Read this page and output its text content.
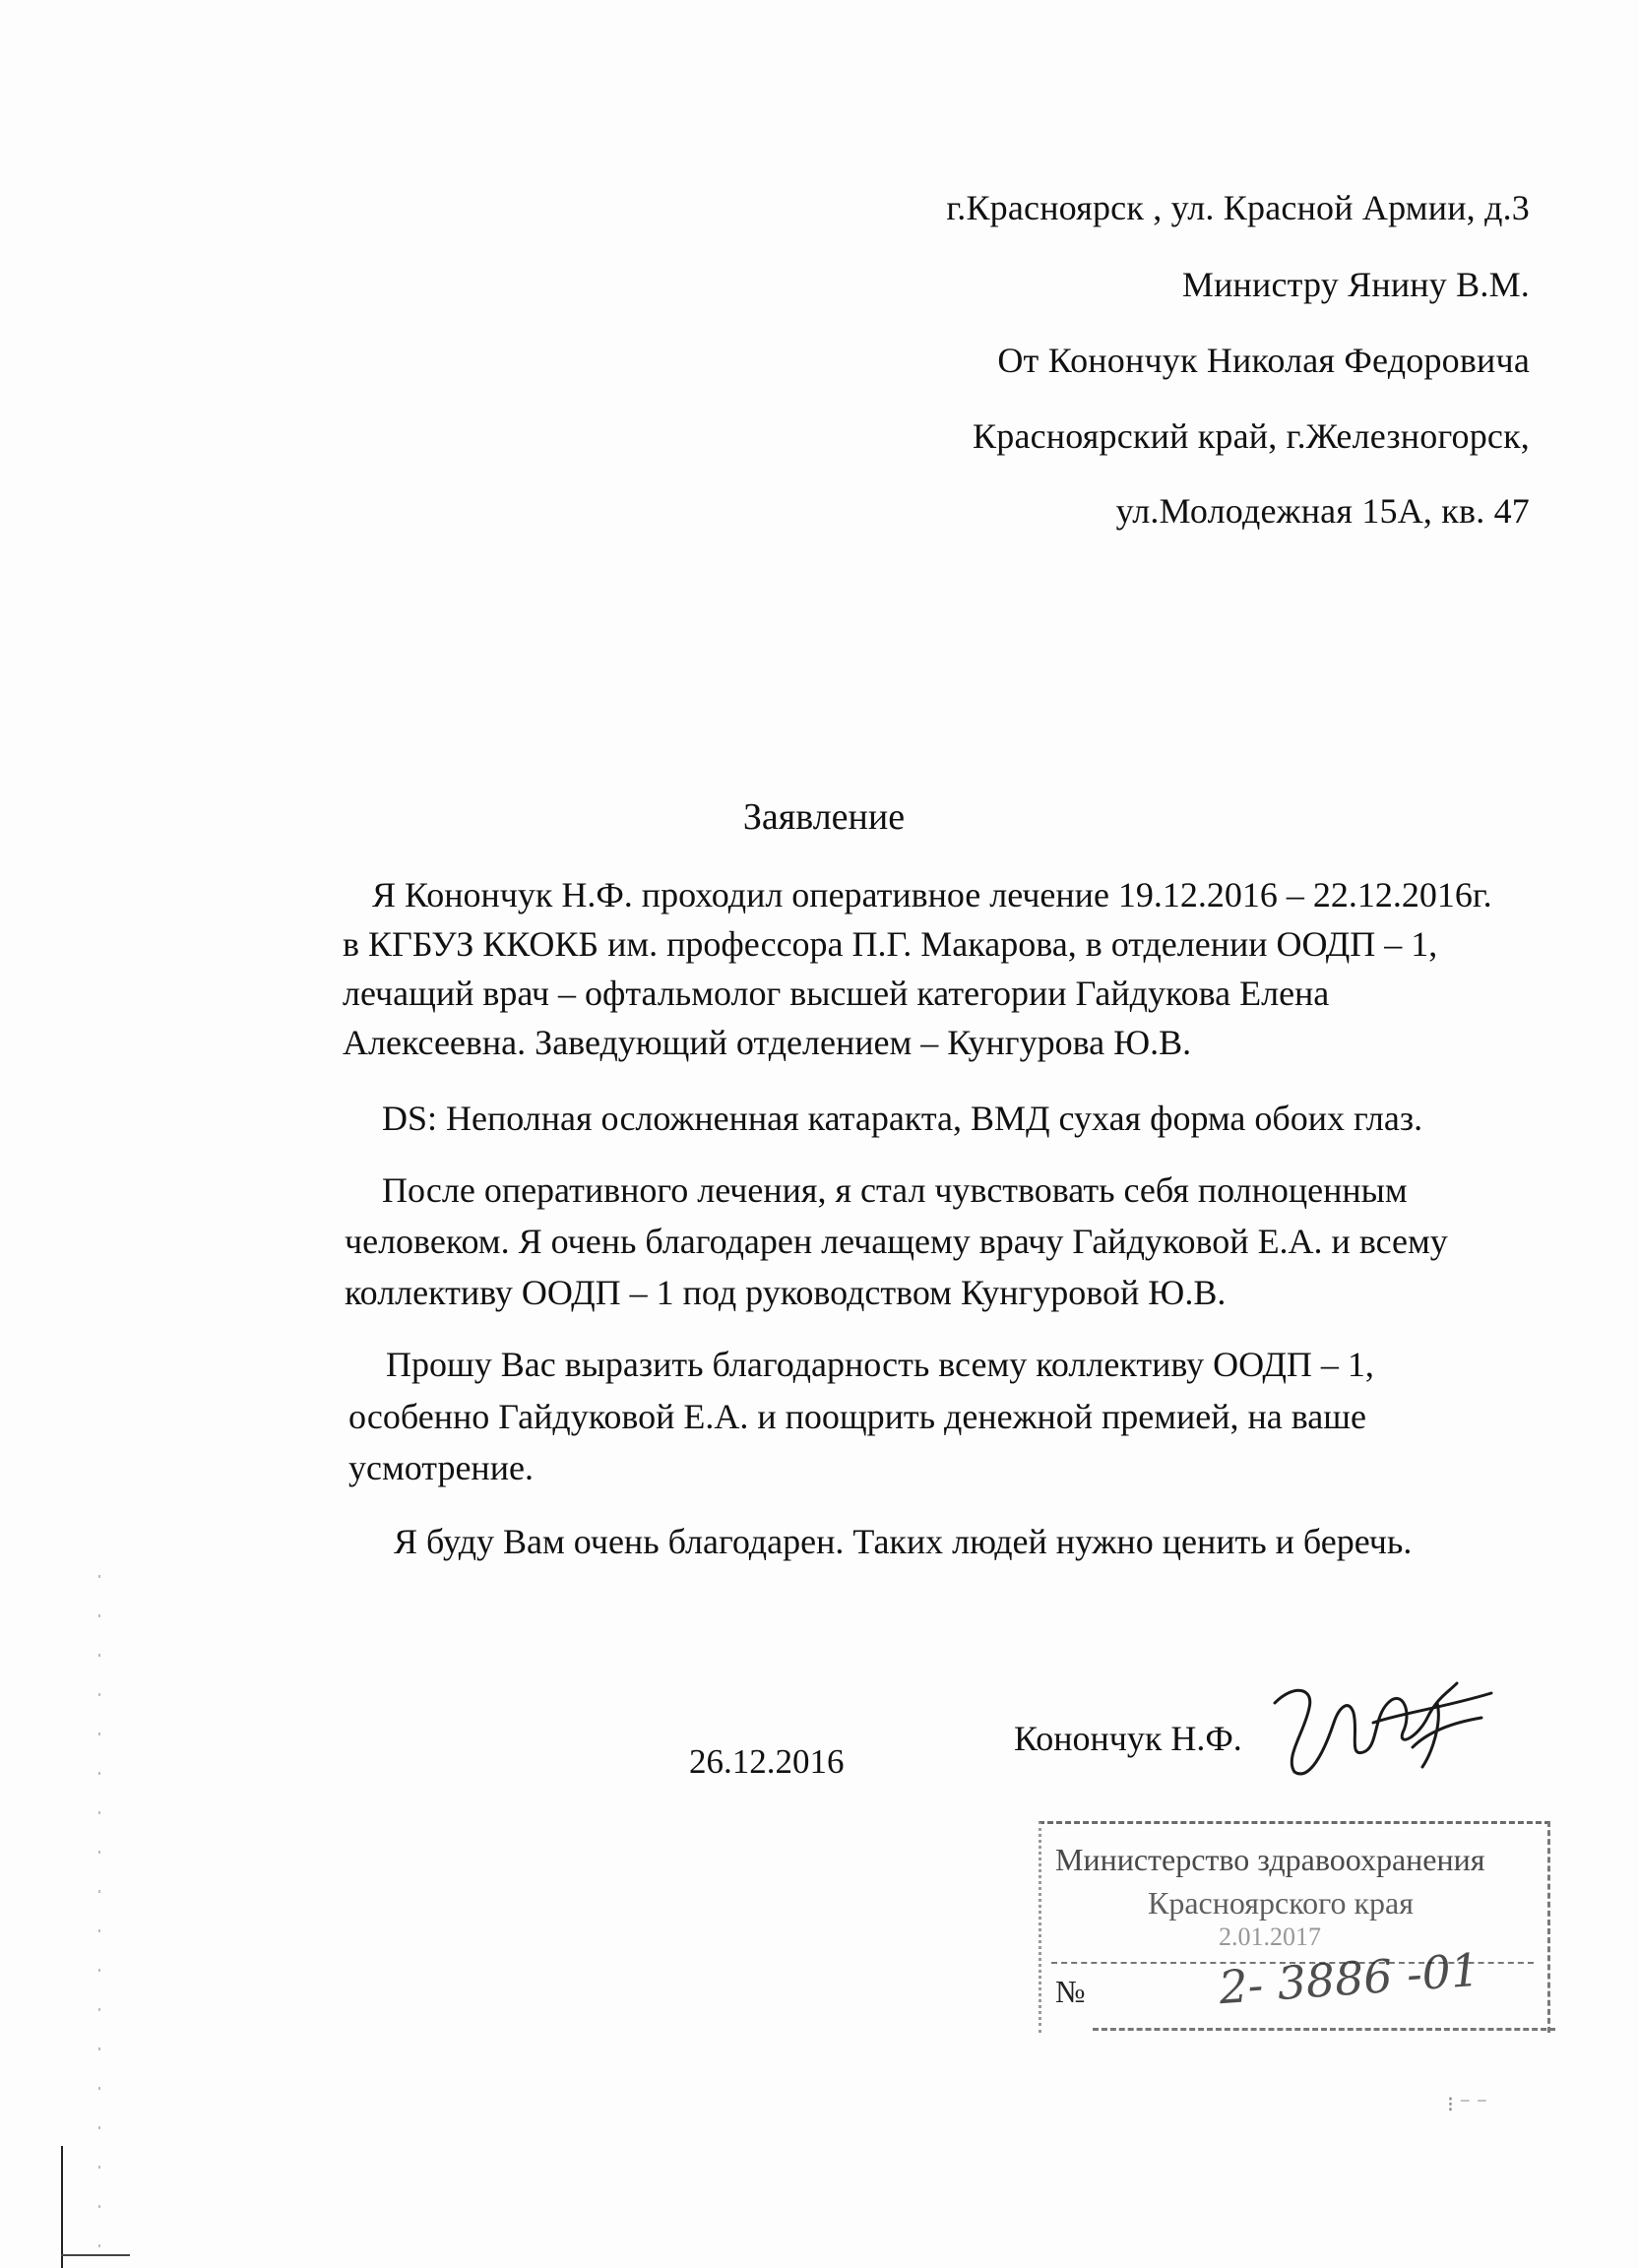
г.Красноярск , ул. Красной Армии, д.3
Министру Янину В.М.
От Конончук Николая Федоровича
Красноярский край, г.Железногорск,
ул.Молодежная 15А, кв. 47
Заявление
Я Конончук Н.Ф. проходил оперативное лечение 19.12.2016 – 22.12.2016г.
в КГБУЗ ККОКБ им. профессора П.Г. Макарова, в отделении ООДП – 1,
лечащий врач – офтальмолог высшей категории Гайдукова Елена
Алексеевна. Заведующий отделением – Кунгурова Ю.В.
DS: Неполная осложненная катаракта, ВМД сухая форма обоих глаз.
После оперативного лечения, я стал чувствовать себя полноценным
человеком. Я очень благодарен лечащему врачу Гайдуковой Е.А. и всему
коллективу ООДП – 1 под руководством Кунгуровой Ю.В.
Прошу Вас выразить благодарность всему коллективу ООДП – 1,
особенно Гайдуковой Е.А. и поощрить денежной премией, на ваше
усмотрение.
Я буду Вам очень благодарен. Таких людей нужно ценить и беречь.
26.12.2016
Конончук Н.Ф.
Министерство здравоохранения
Красноярского края
2.01.2017
№	2- 3886 -01
⁝ ⁻ ⁻
